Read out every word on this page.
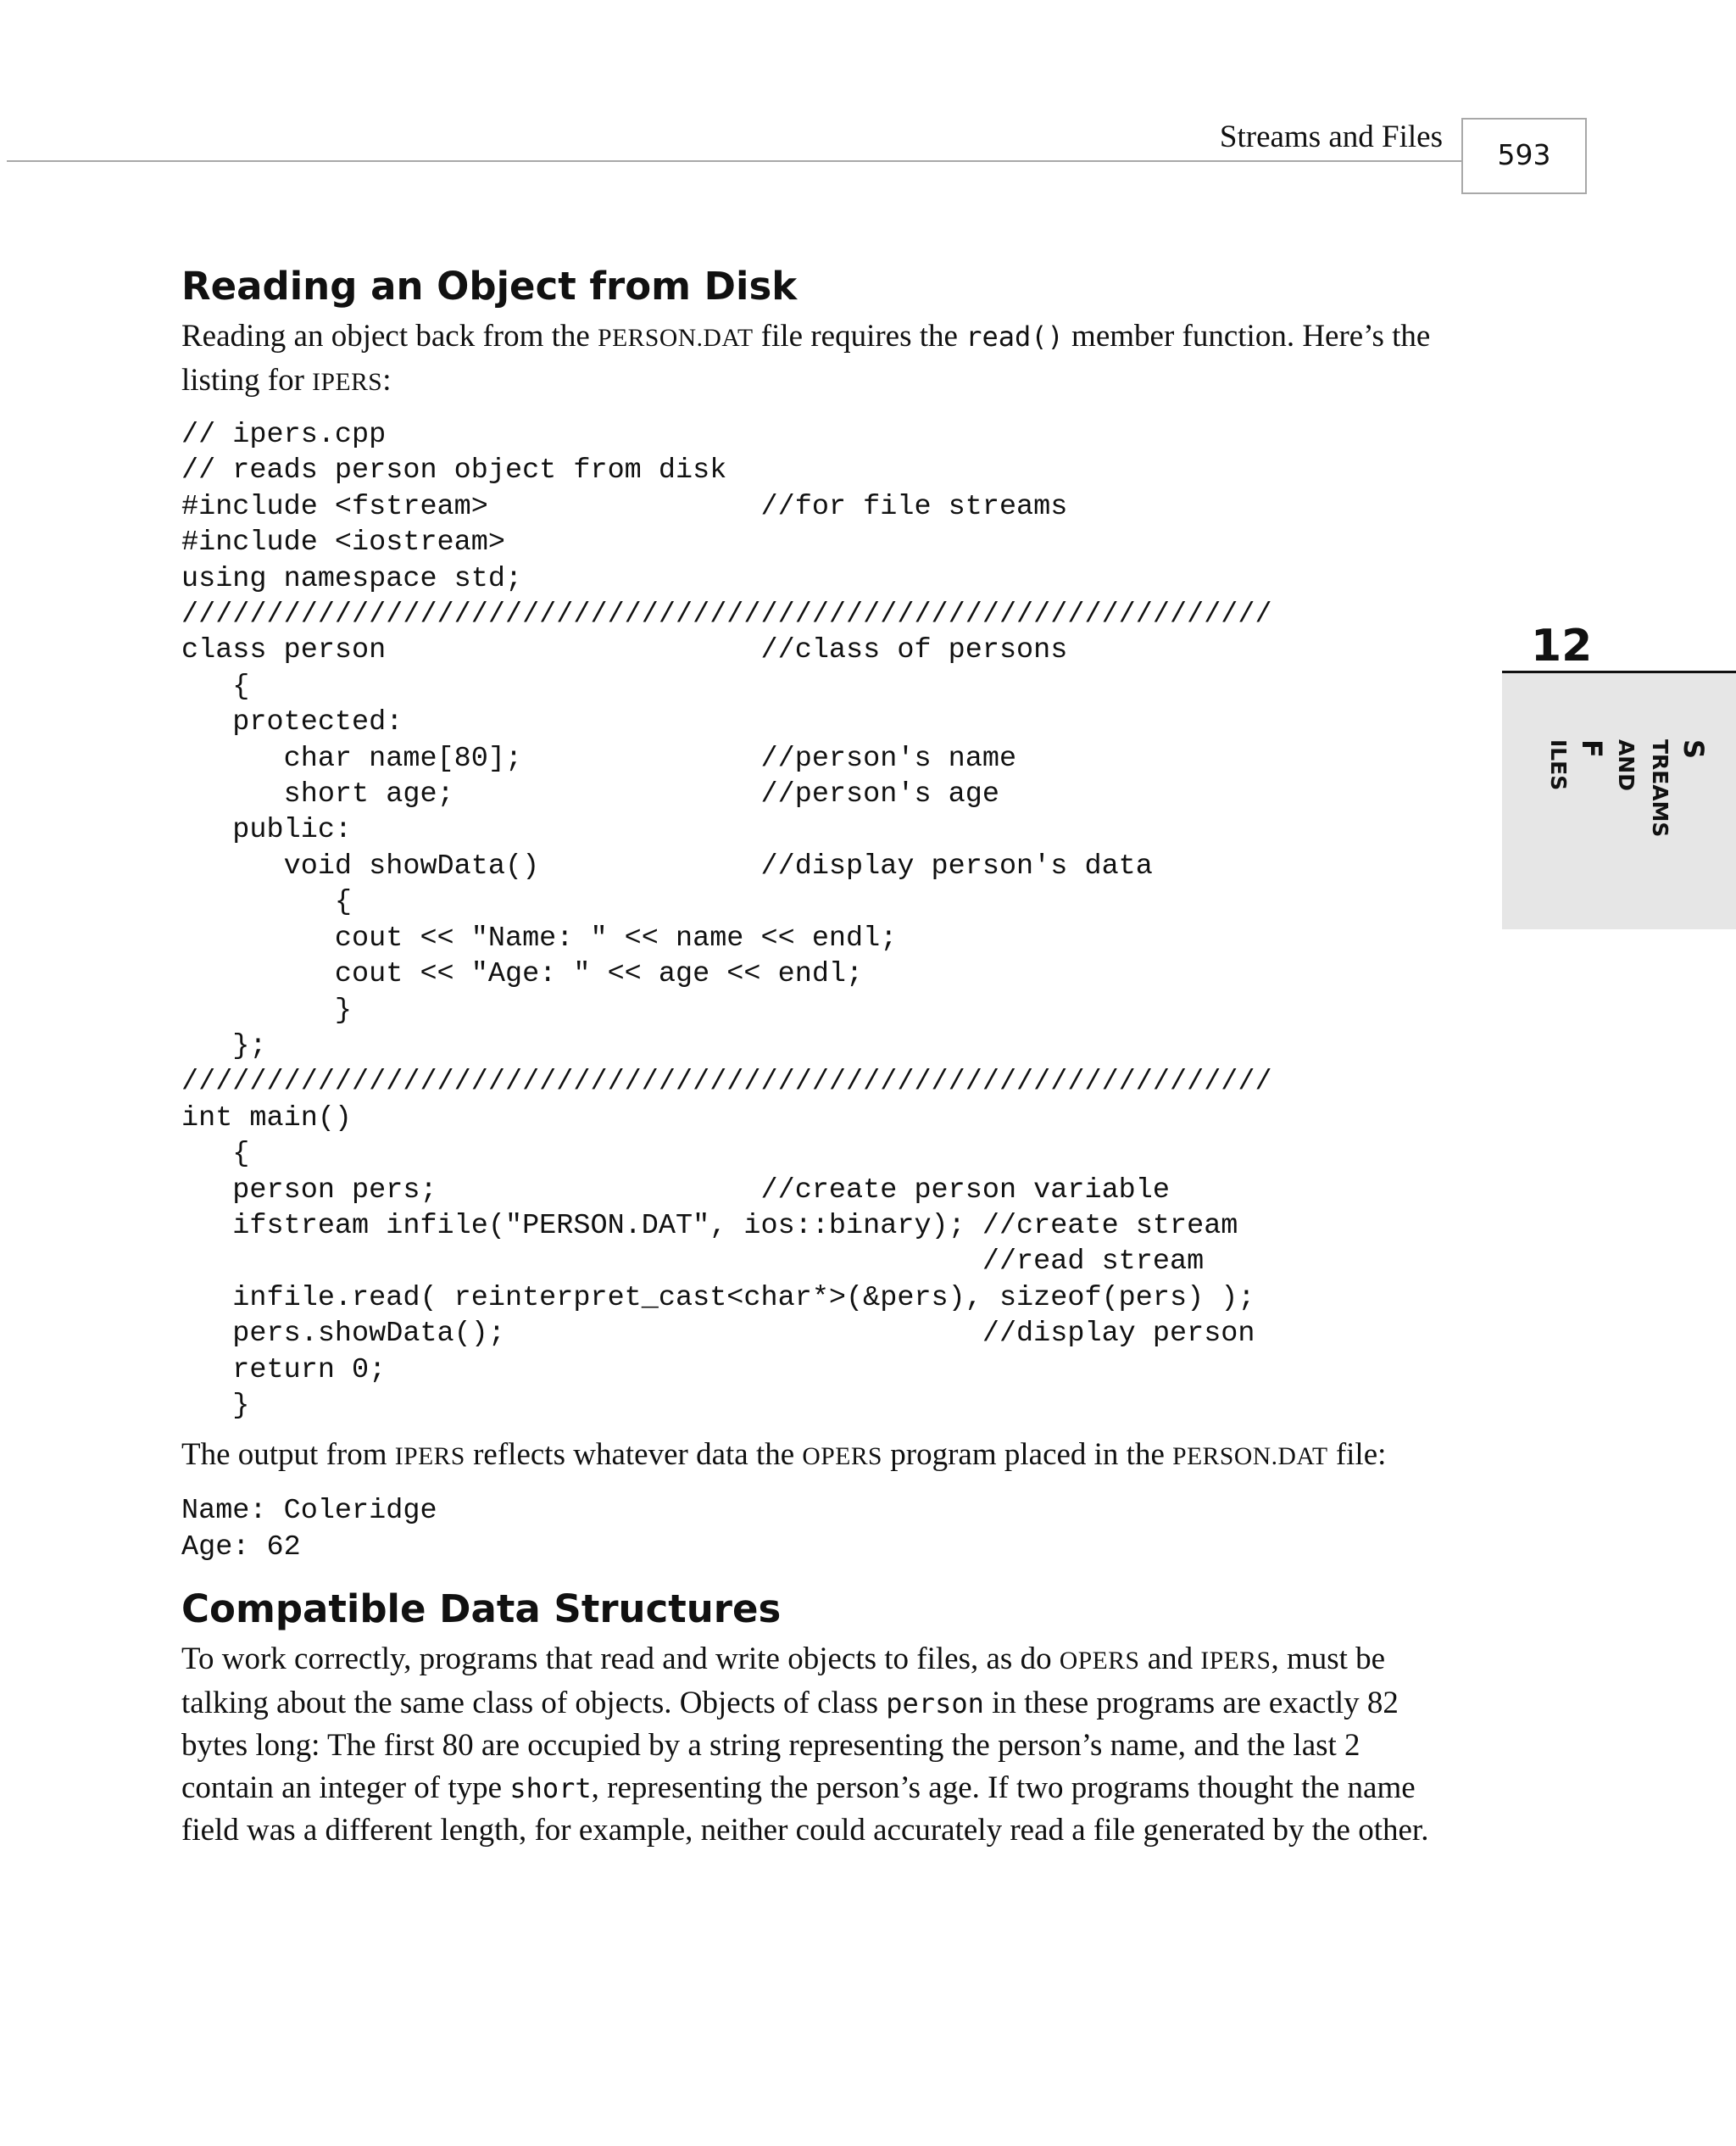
Streams and Files
593
12
S
TREAMS
AND
F
ILES
Reading an Object from Disk

Reading an object back from the PERSON.DAT file requires the read() member function. Here’s the listing for IPERS:

// ipers.cpp
// reads person object from disk
#include <fstream>                //for file streams
#include <iostream>
using namespace std;
////////////////////////////////////////////////////////////////
class person                      //class of persons
{
protected:
char name[80];              //person's name
short age;                  //person's age
public:
void showData()             //display person's data
{
cout << "Name: " << name << endl;
cout << "Age: " << age << endl;
}
};
////////////////////////////////////////////////////////////////
int main()
{
person pers;                   //create person variable
ifstream infile("PERSON.DAT", ios::binary); //create stream
//read stream
infile.read( reinterpret_cast<char*>(&pers), sizeof(pers) );
pers.showData();                            //display person
return 0;
}

The output from IPERS reflects whatever data the OPERS program placed in the PERSON.DAT file:

Name: Coleridge
Age: 62
Compatible Data Structures

To work correctly, programs that read and write objects to files, as do OPERS and IPERS, must be talking about the same class of objects. Objects of class person in these programs are exactly 82 bytes long: The first 80 are occupied by a string representing the person’s name, and the last 2 contain an integer of type short, representing the person’s age. If two programs thought the name field was a different length, for example, neither could accurately read a file generated by the other.
